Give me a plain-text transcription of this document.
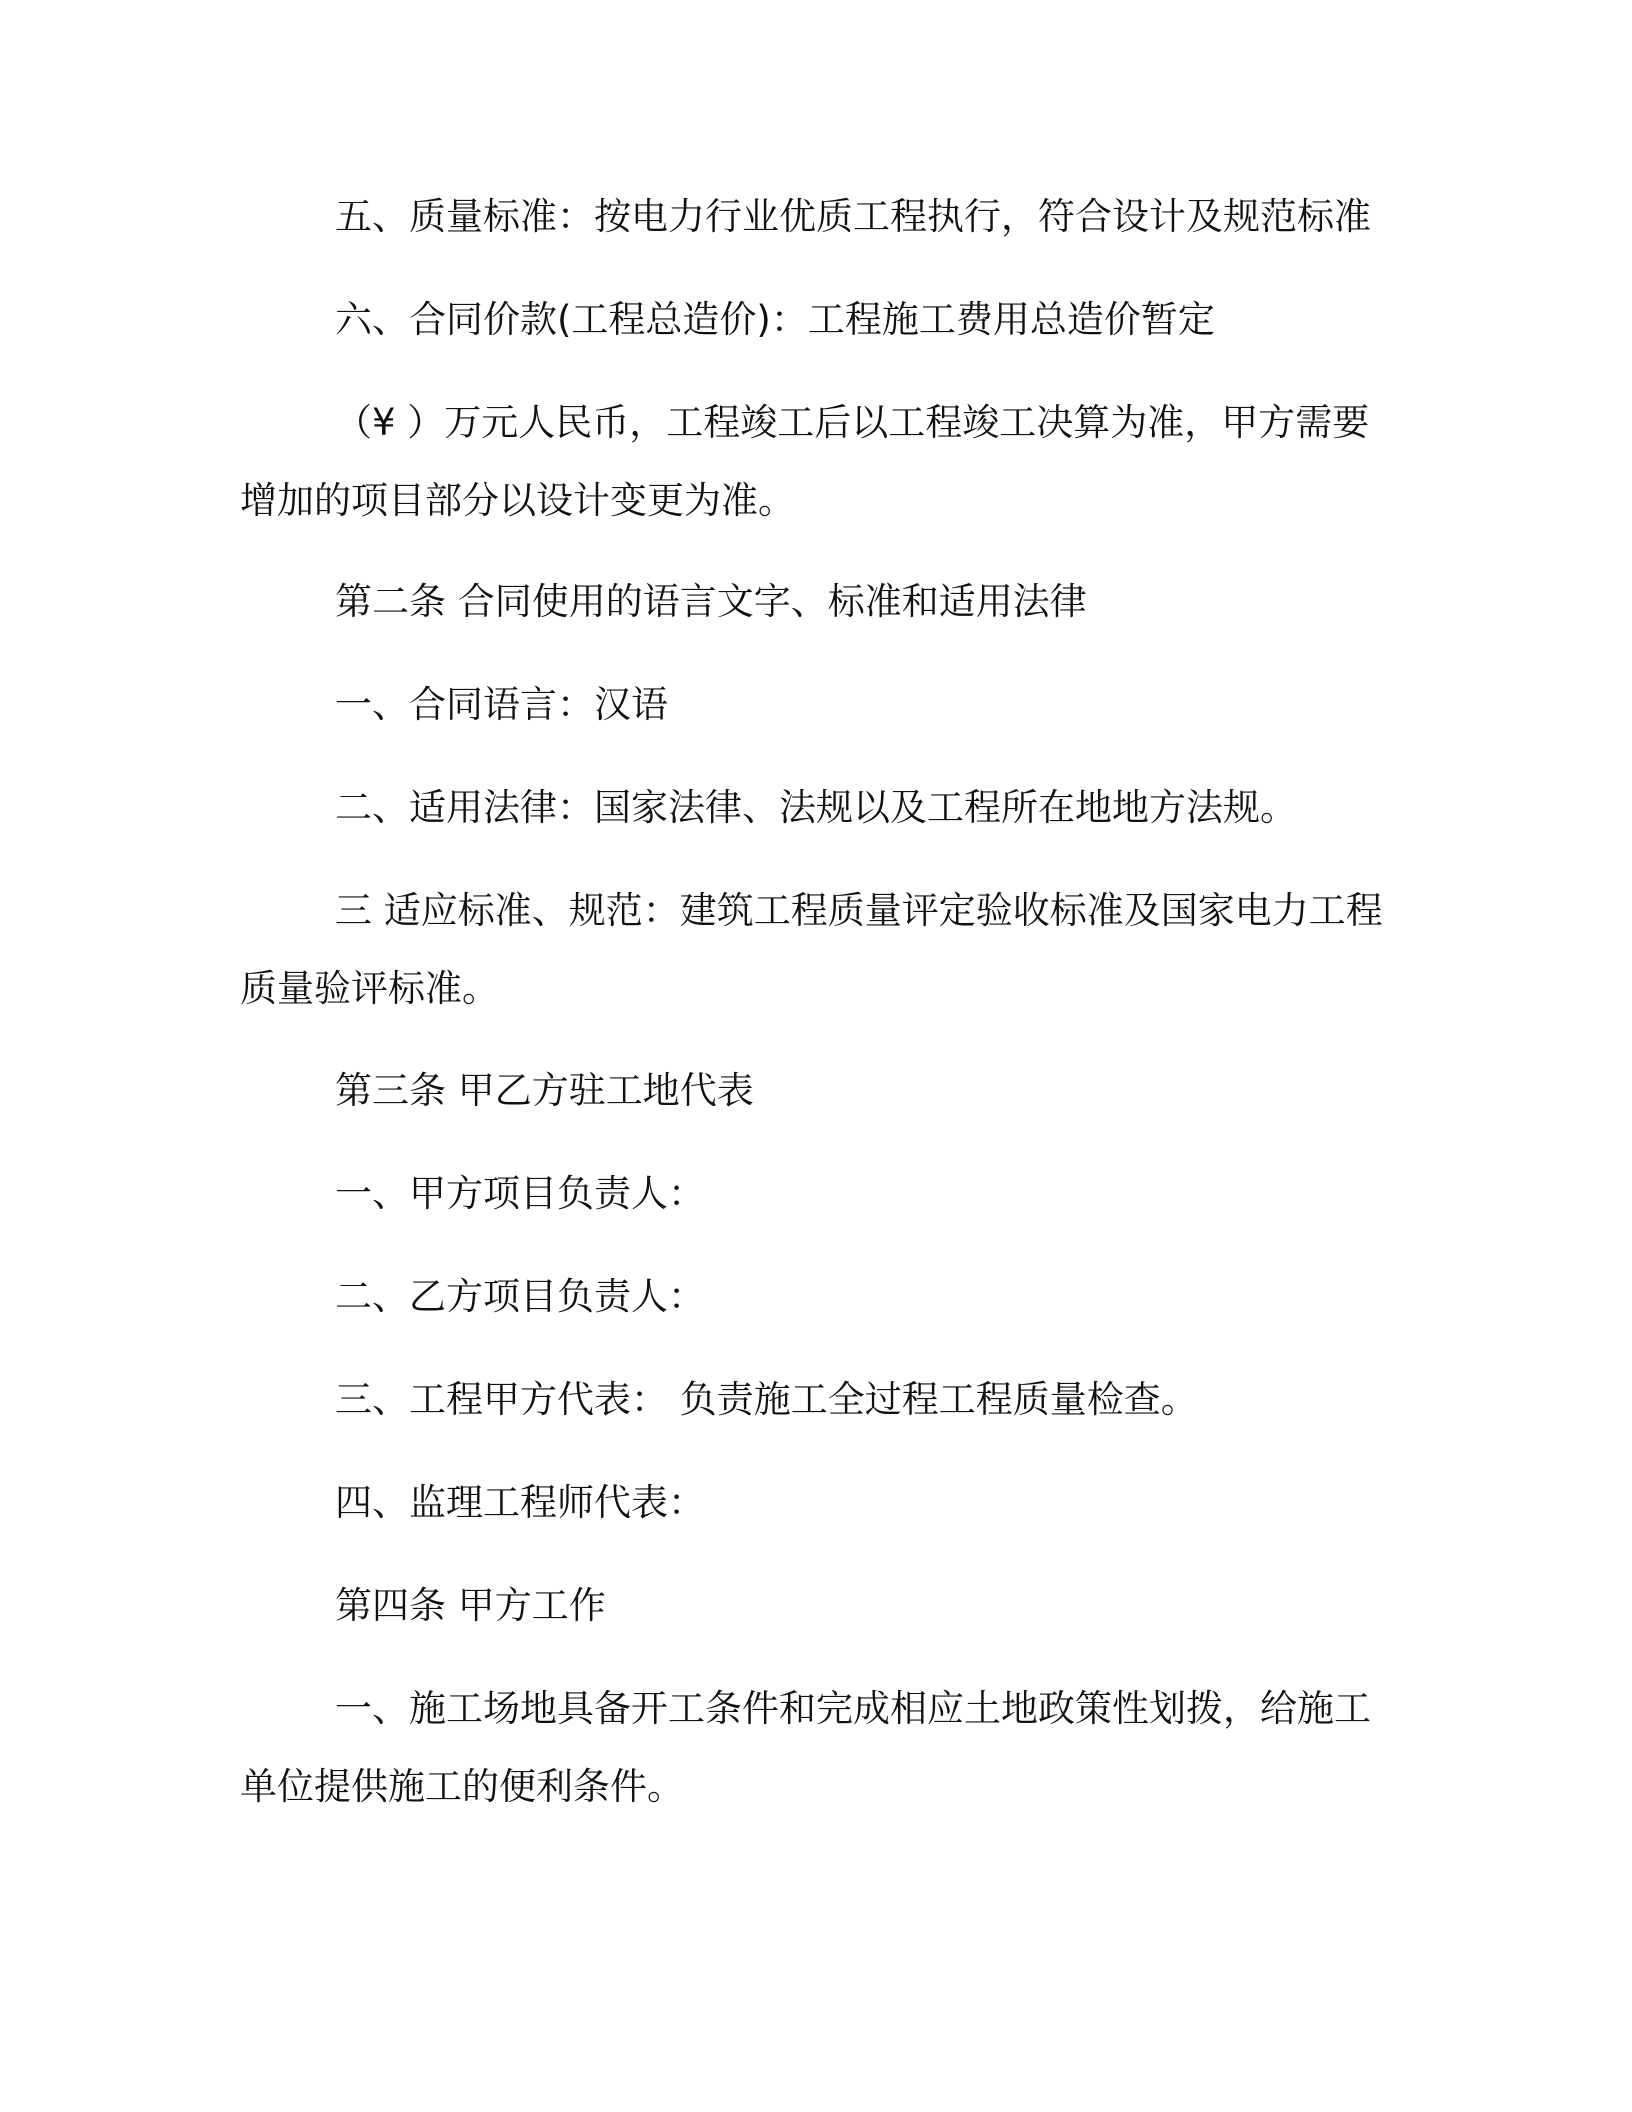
五、质量标准：按电力行业优质工程执行，符合设计及规范标准

六、合同价款(工程总造价)：工程施工费用总造价暂定

（¥ ）万元人民币，工程竣工后以工程竣工决算为准，甲方需要增加的项目部分以设计变更为准。

第二条 合同使用的语言文字、标准和适用法律

一、合同语言：汉语

二、适用法律：国家法律、法规以及工程所在地地方法规。

三 适应标准、规范：建筑工程质量评定验收标准及国家电力工程质量验评标准。

第三条 甲乙方驻工地代表

一、甲方项目负责人：

二、乙方项目负责人：

三、工程甲方代表： 负责施工全过程工程质量检查。

四、监理工程师代表：

第四条 甲方工作

一、施工场地具备开工条件和完成相应土地政策性划拨，给施工单位提供施工的便利条件。
